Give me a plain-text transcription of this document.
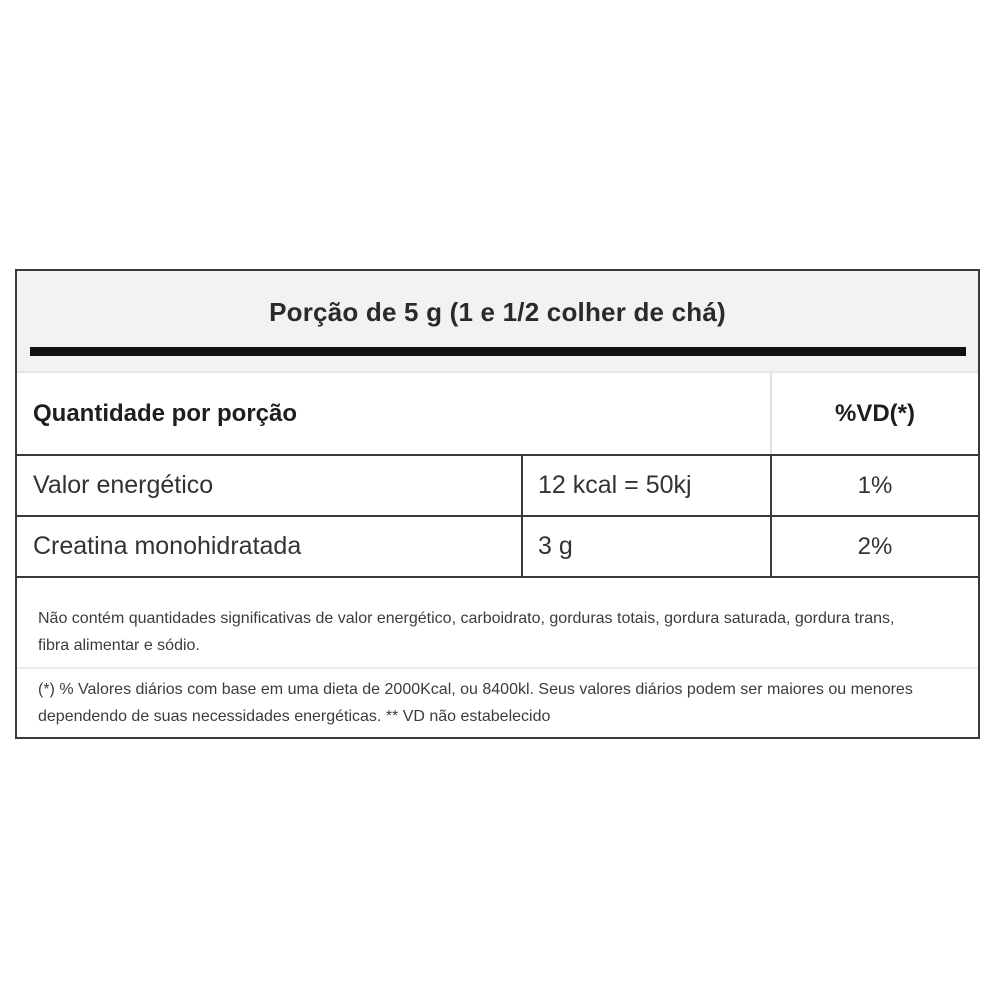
Porção de 5 g (1 e 1/2 colher de chá)
Quantidade por porção	%VD(*)
Valor energético	12 kcal = 50kj	1%
Creatina monohidratada	3 g	2%
Não contém quantidades significativas de valor energético, carboidrato, gorduras totais, gordura saturada, gordura trans, fibra alimentar e sódio.
(*) % Valores diários com base em uma dieta de 2000Kcal, ou 8400kl. Seus valores diários podem ser maiores ou menores dependendo de suas necessidades energéticas. ** VD não estabelecido
